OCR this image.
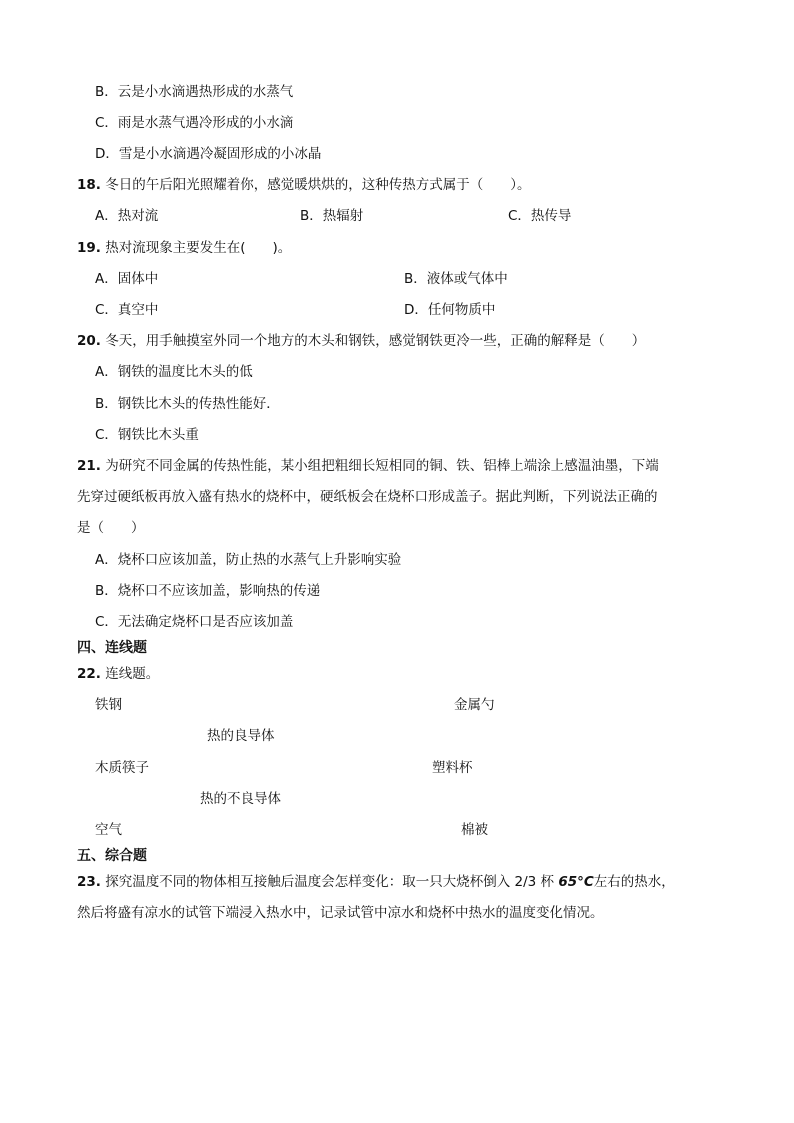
B．云是小水滴遇热形成的水蒸气
C．雨是水蒸气遇冷形成的小水滴
D．雪是小水滴遇冷凝固形成的小冰晶
18. 冬日的午后阳光照耀着你，感觉暖烘烘的，这种传热方式属于（　　）。
A．热对流	B．热辐射	C．热传导
19. 热对流现象主要发生在(　　)。
A．固体中	B．液体或气体中
C．真空中	D．任何物质中
20. 冬天，用手触摸室外同一个地方的木头和钢铁，感觉钢铁更冷一些，正确的解释是（　　）
A．钢铁的温度比木头的低
B．钢铁比木头的传热性能好．
C．钢铁比木头重
21. 为研究不同金属的传热性能，某小组把粗细长短相同的铜、铁、铝棒上端涂上感温油墨，下端
先穿过硬纸板再放入盛有热水的烧杯中，硬纸板会在烧杯口形成盖子。据此判断，下列说法正确的
是（　　）
A．烧杯口应该加盖，防止热的水蒸气上升影响实验
B．烧杯口不应该加盖，影响热的传递
C．无法确定烧杯口是否应该加盖
四、连线题
22. 连线题。
铁钢	金属勺
热的良导体
木质筷子	塑料杯
热的不良导体
空气	棉被
五、综合题
23. 探究温度不同的物体相互接触后温度会怎样变化：取一只大烧杯倒入 2/3 杯 65°C左右的热水，
然后将盛有凉水的试管下端浸入热水中，记录试管中凉水和烧杯中热水的温度变化情况。
